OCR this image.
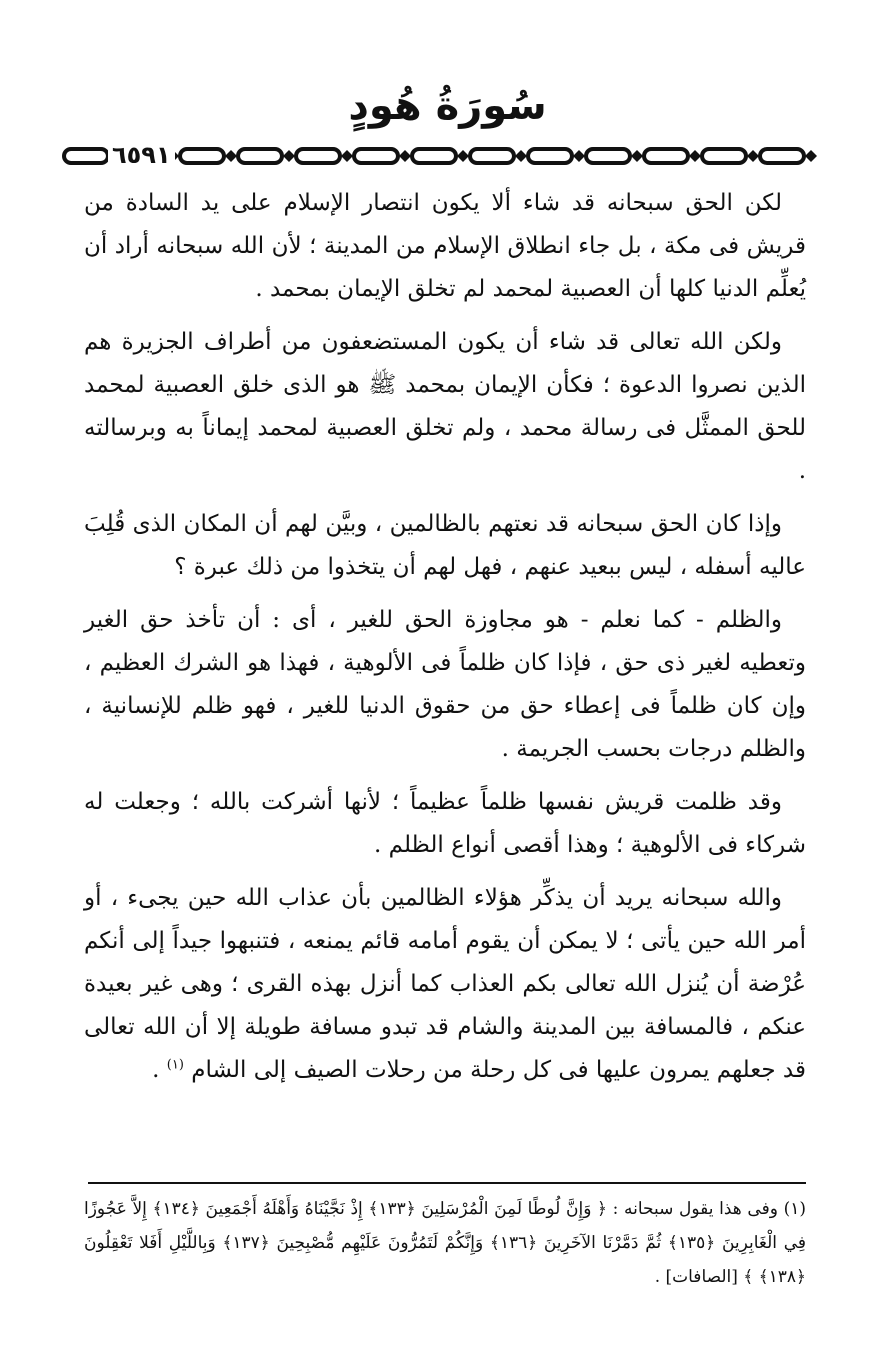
سُورَةُ هُودٍ
٦٥٩١

لكن الحق سبحانه قد شاء ألا يكون انتصار الإسلام على يد السادة من قريش فى مكة ، بل جاء انطلاق الإسلام من المدينة ؛ لأن الله سبحانه أراد أن يُعلِّم الدنيا كلها أن العصبية لمحمد لم تخلق الإيمان بمحمد .

ولكن الله تعالى قد شاء أن يكون المستضعفون من أطراف الجزيرة هم الذين نصروا الدعوة ؛ فكأن الإيمان بمحمد ﷺ هو الذى خلق العصبية لمحمد للحق الممثَّل فى رسالة محمد ، ولم تخلق العصبية لمحمد إيماناً به وبرسالته .

وإذا كان الحق سبحانه قد نعتهم بالظالمين ، وبيَّن لهم أن المكان الذى قُلِبَ عاليه أسفله ، ليس ببعيد عنهم ، فهل لهم أن يتخذوا من ذلك عبرة ؟

والظلم - كما نعلم - هو مجاوزة الحق للغير ، أى : أن تأخذ حق الغير وتعطيه لغير ذى حق ، فإذا كان ظلماً فى الألوهية ، فهذا هو الشرك العظيم ، وإن كان ظلماً فى إعطاء حق من حقوق الدنيا للغير ، فهو ظلم للإنسانية ، والظلم درجات بحسب الجريمة .

وقد ظلمت قريش نفسها ظلماً عظيماً ؛ لأنها أشركت بالله ؛ وجعلت له شركاء فى الألوهية ؛ وهذا أقصى أنواع الظلم .

والله سبحانه يريد أن يذكِّر هؤلاء الظالمين بأن عذاب الله حين يجىء ، أو أمر الله حين يأتى ؛ لا يمكن أن يقوم أمامه قائم يمنعه ، فتنبهوا جيداً إلى أنكم عُرْضة أن يُنزل الله تعالى بكم العذاب كما أنزل بهذه القرى ؛ وهى غير بعيدة عنكم ، فالمسافة بين المدينة والشام قد تبدو مسافة طويلة إلا أن الله تعالى قد جعلهم يمرون عليها فى كل رحلة من رحلات الصيف إلى الشام $^{(١)}$ .

(١) وفى هذا يقول سبحانه : ﴿ وَإِنَّ لُوطًا لَمِنَ الْمُرْسَلِينَ ﴿١٣٣﴾ إِذْ نَجَّيْنَاهُ وَأَهْلَهُ أَجْمَعِينَ ﴿١٣٤﴾ إِلاَّ عَجُوزًا فِي الْغَابِرِينَ ﴿١٣٥﴾ ثُمَّ دَمَّرْنَا الآخَرِينَ ﴿١٣٦﴾ وَإِنَّكُمْ لَتَمُرُّونَ عَلَيْهِم مُّصْبِحِينَ ﴿١٣٧﴾ وَبِاللَّيْلِ أَفَلا تَعْقِلُونَ ﴿١٣٨﴾ ﴾ [الصافات] .
